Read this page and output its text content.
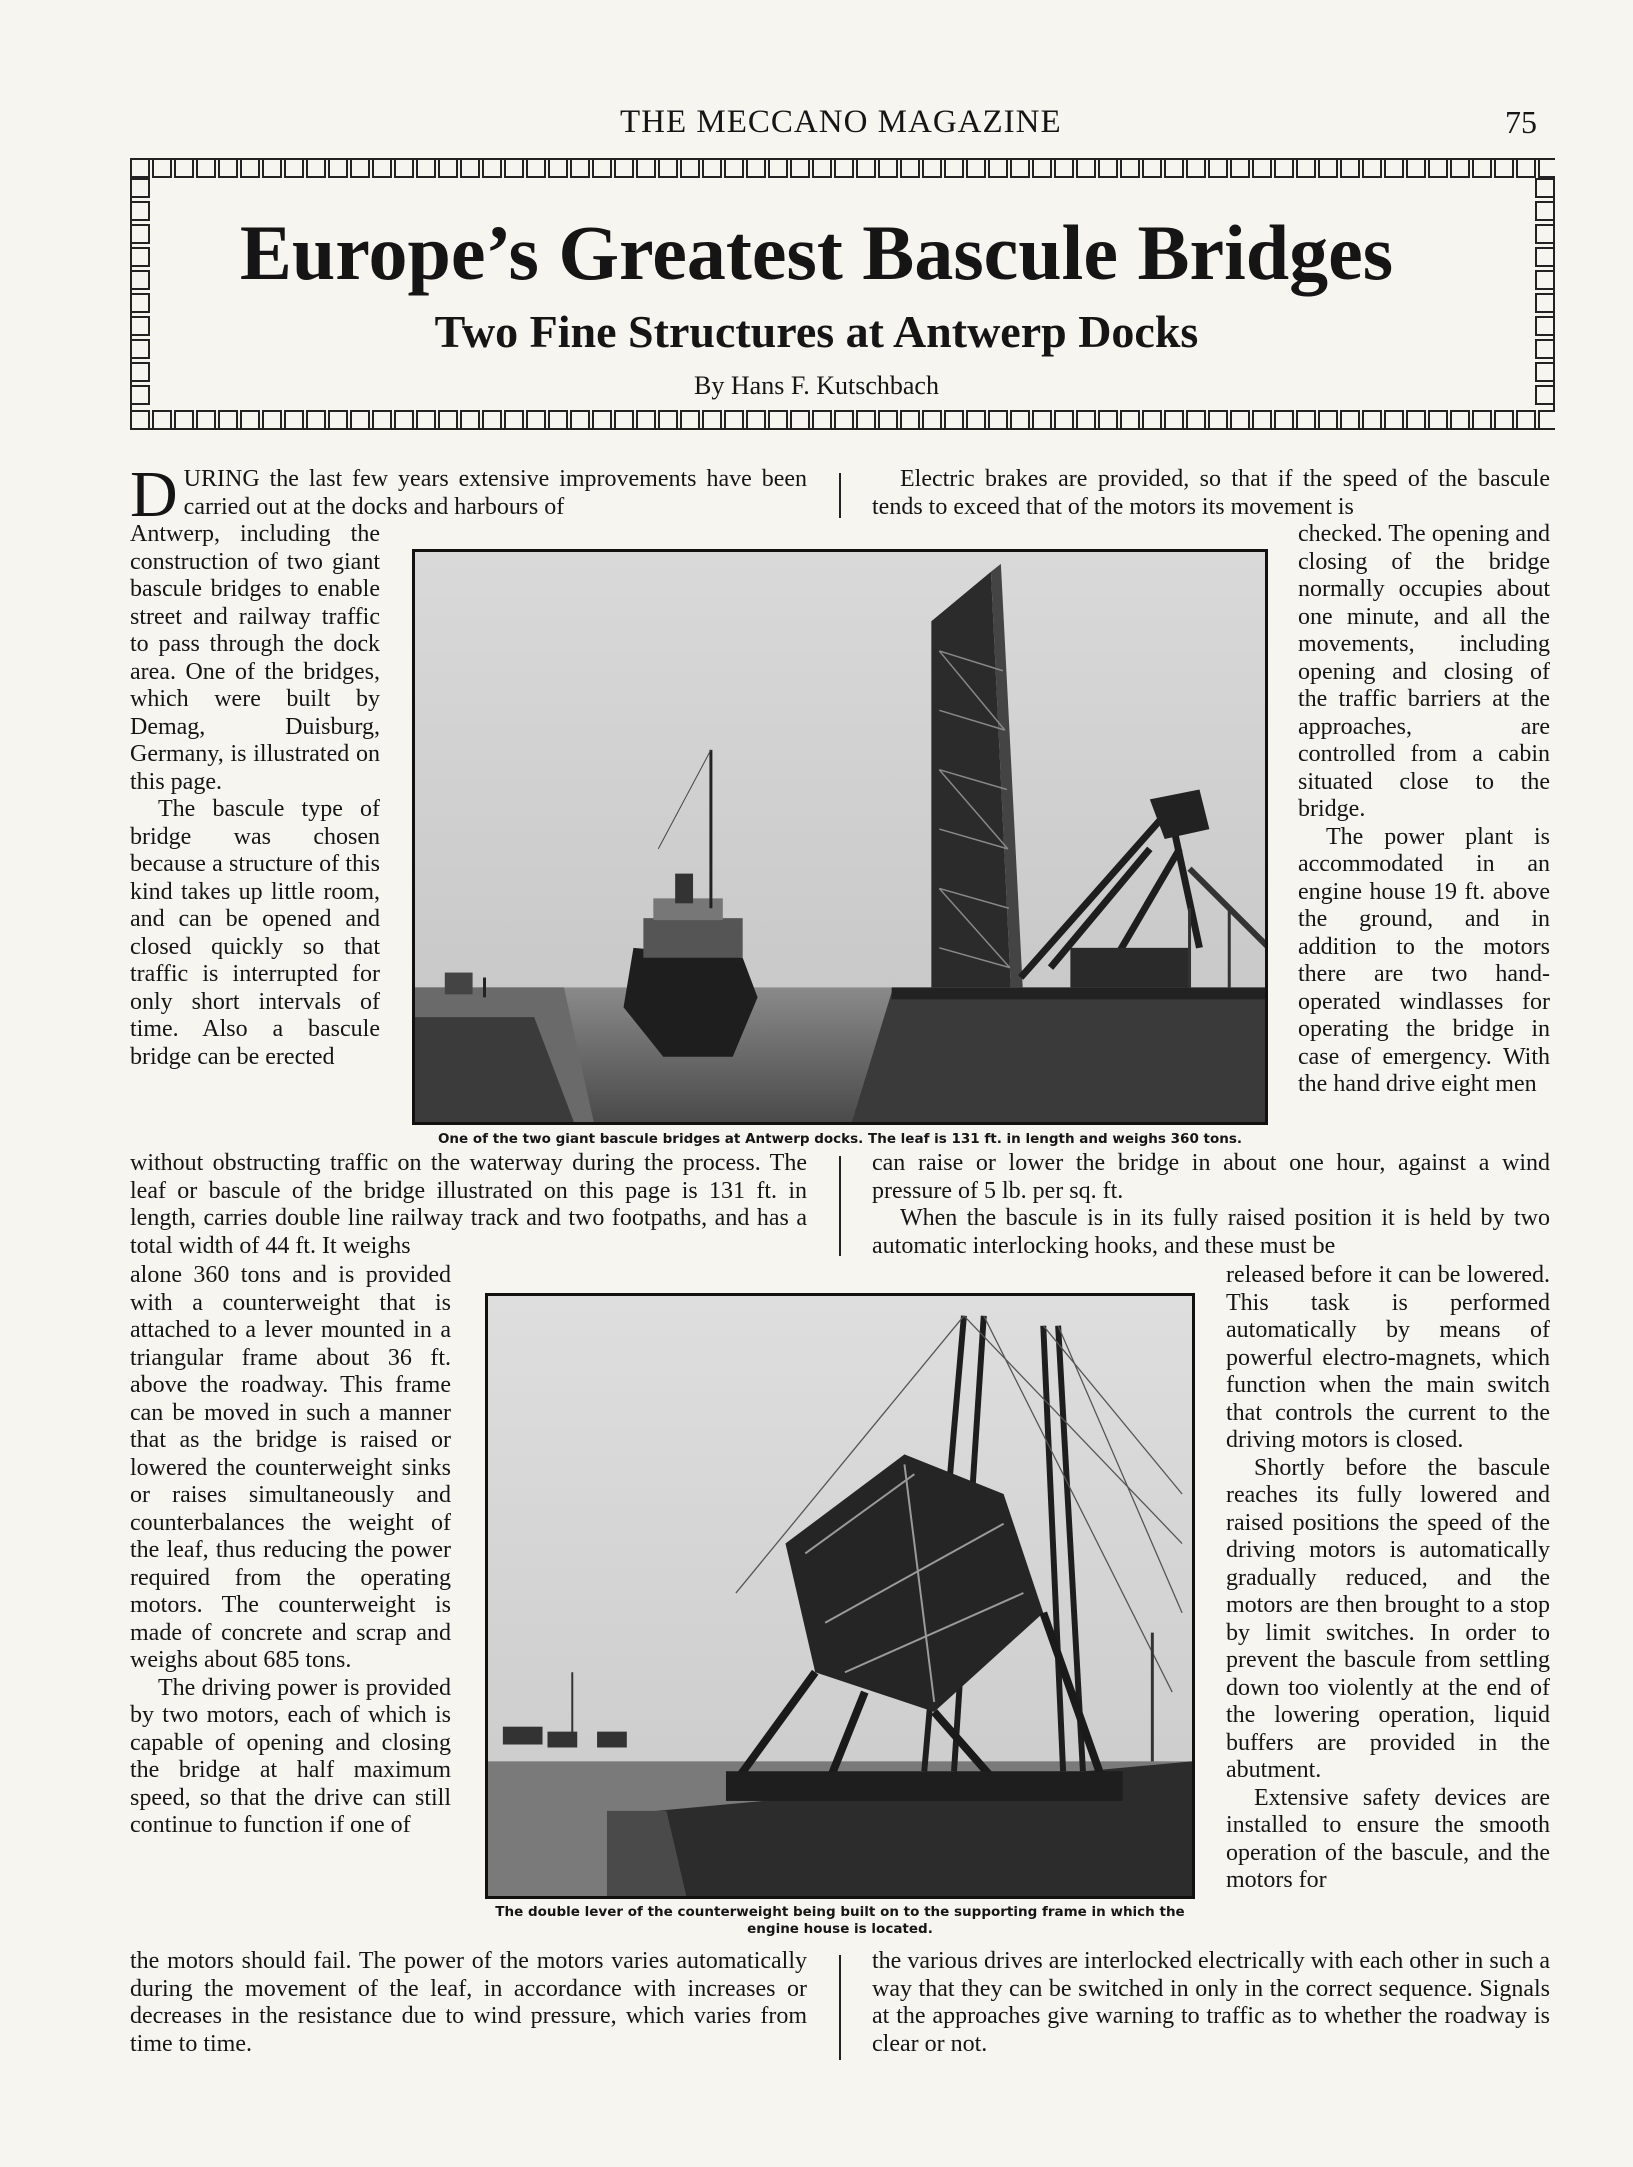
THE MECCANO MAGAZINE	75
Europe’s Greatest Bascule Bridges
Two Fine Structures at Antwerp Docks
By Hans F. Kutschbach

DURING the last few years extensive improvements have been carried out at the docks and harbours of

Antwerp, including the construction of two giant bascule bridges to enable street and railway traffic to pass through the dock area. One of the bridges, which were built by Demag, Duisburg, Germany, is illustrated on this page.

The bascule type of bridge was chosen because a structure of this kind takes up little room, and can be opened and closed quickly so that traffic is interrupted for only short intervals of time. Also a bascule bridge can be erected

Electric brakes are provided, so that if the speed of the bascule tends to exceed that of the motors its movement is

checked. The opening and closing of the bridge normally occupies about one minute, and all the movements, including opening and closing of the traffic barriers at the approaches, are controlled from a cabin situated close to the bridge.

The power plant is accommodated in an engine house 19 ft. above the ground, and in addition to the motors there are two hand-operated windlasses for operating the bridge in case of emergency. With the hand drive eight men

One of the two giant bascule bridges at Antwerp docks. The leaf is 131 ft. in length and weighs 360 tons.

without obstructing traffic on the waterway during the process. The leaf or bascule of the bridge illustrated on this page is 131 ft. in length, carries double line railway track and two footpaths, and has a total width of 44 ft. It weighs

can raise or lower the bridge in about one hour, against a wind pressure of 5 lb. per sq. ft.

When the bascule is in its fully raised position it is held by two automatic interlocking hooks, and these must be

alone 360 tons and is provided with a counterweight that is attached to a lever mounted in a triangular frame about 36 ft. above the roadway. This frame can be moved in such a manner that as the bridge is raised or lowered the counterweight sinks or raises simultaneously and counterbalances the weight of the leaf, thus reducing the power required from the operating motors. The counterweight is made of concrete and scrap and weighs about 685 tons.

The driving power is provided by two motors, each of which is capable of opening and closing the bridge at half maximum speed, so that the drive can still continue to function if one of

released before it can be lowered. This task is performed automatically by means of powerful electro-magnets, which function when the main switch that controls the current to the driving motors is closed.

Shortly before the bascule reaches its fully lowered and raised positions the speed of the driving motors is automatically gradually reduced, and the motors are then brought to a stop by limit switches. In order to prevent the bascule from settling down too violently at the end of the lowering operation, liquid buffers are provided in the abutment.

Extensive safety devices are installed to ensure the smooth operation of the bascule, and the motors for

The double lever of the counterweight being built on to the supporting frame in which the engine house is located.

the motors should fail. The power of the motors varies automatically during the movement of the leaf, in accordance with increases or decreases in the resistance due to wind pressure, which varies from time to time.

the various drives are interlocked electrically with each other in such a way that they can be switched in only in the correct sequence. Signals at the approaches give warning to traffic as to whether the roadway is clear or not.
